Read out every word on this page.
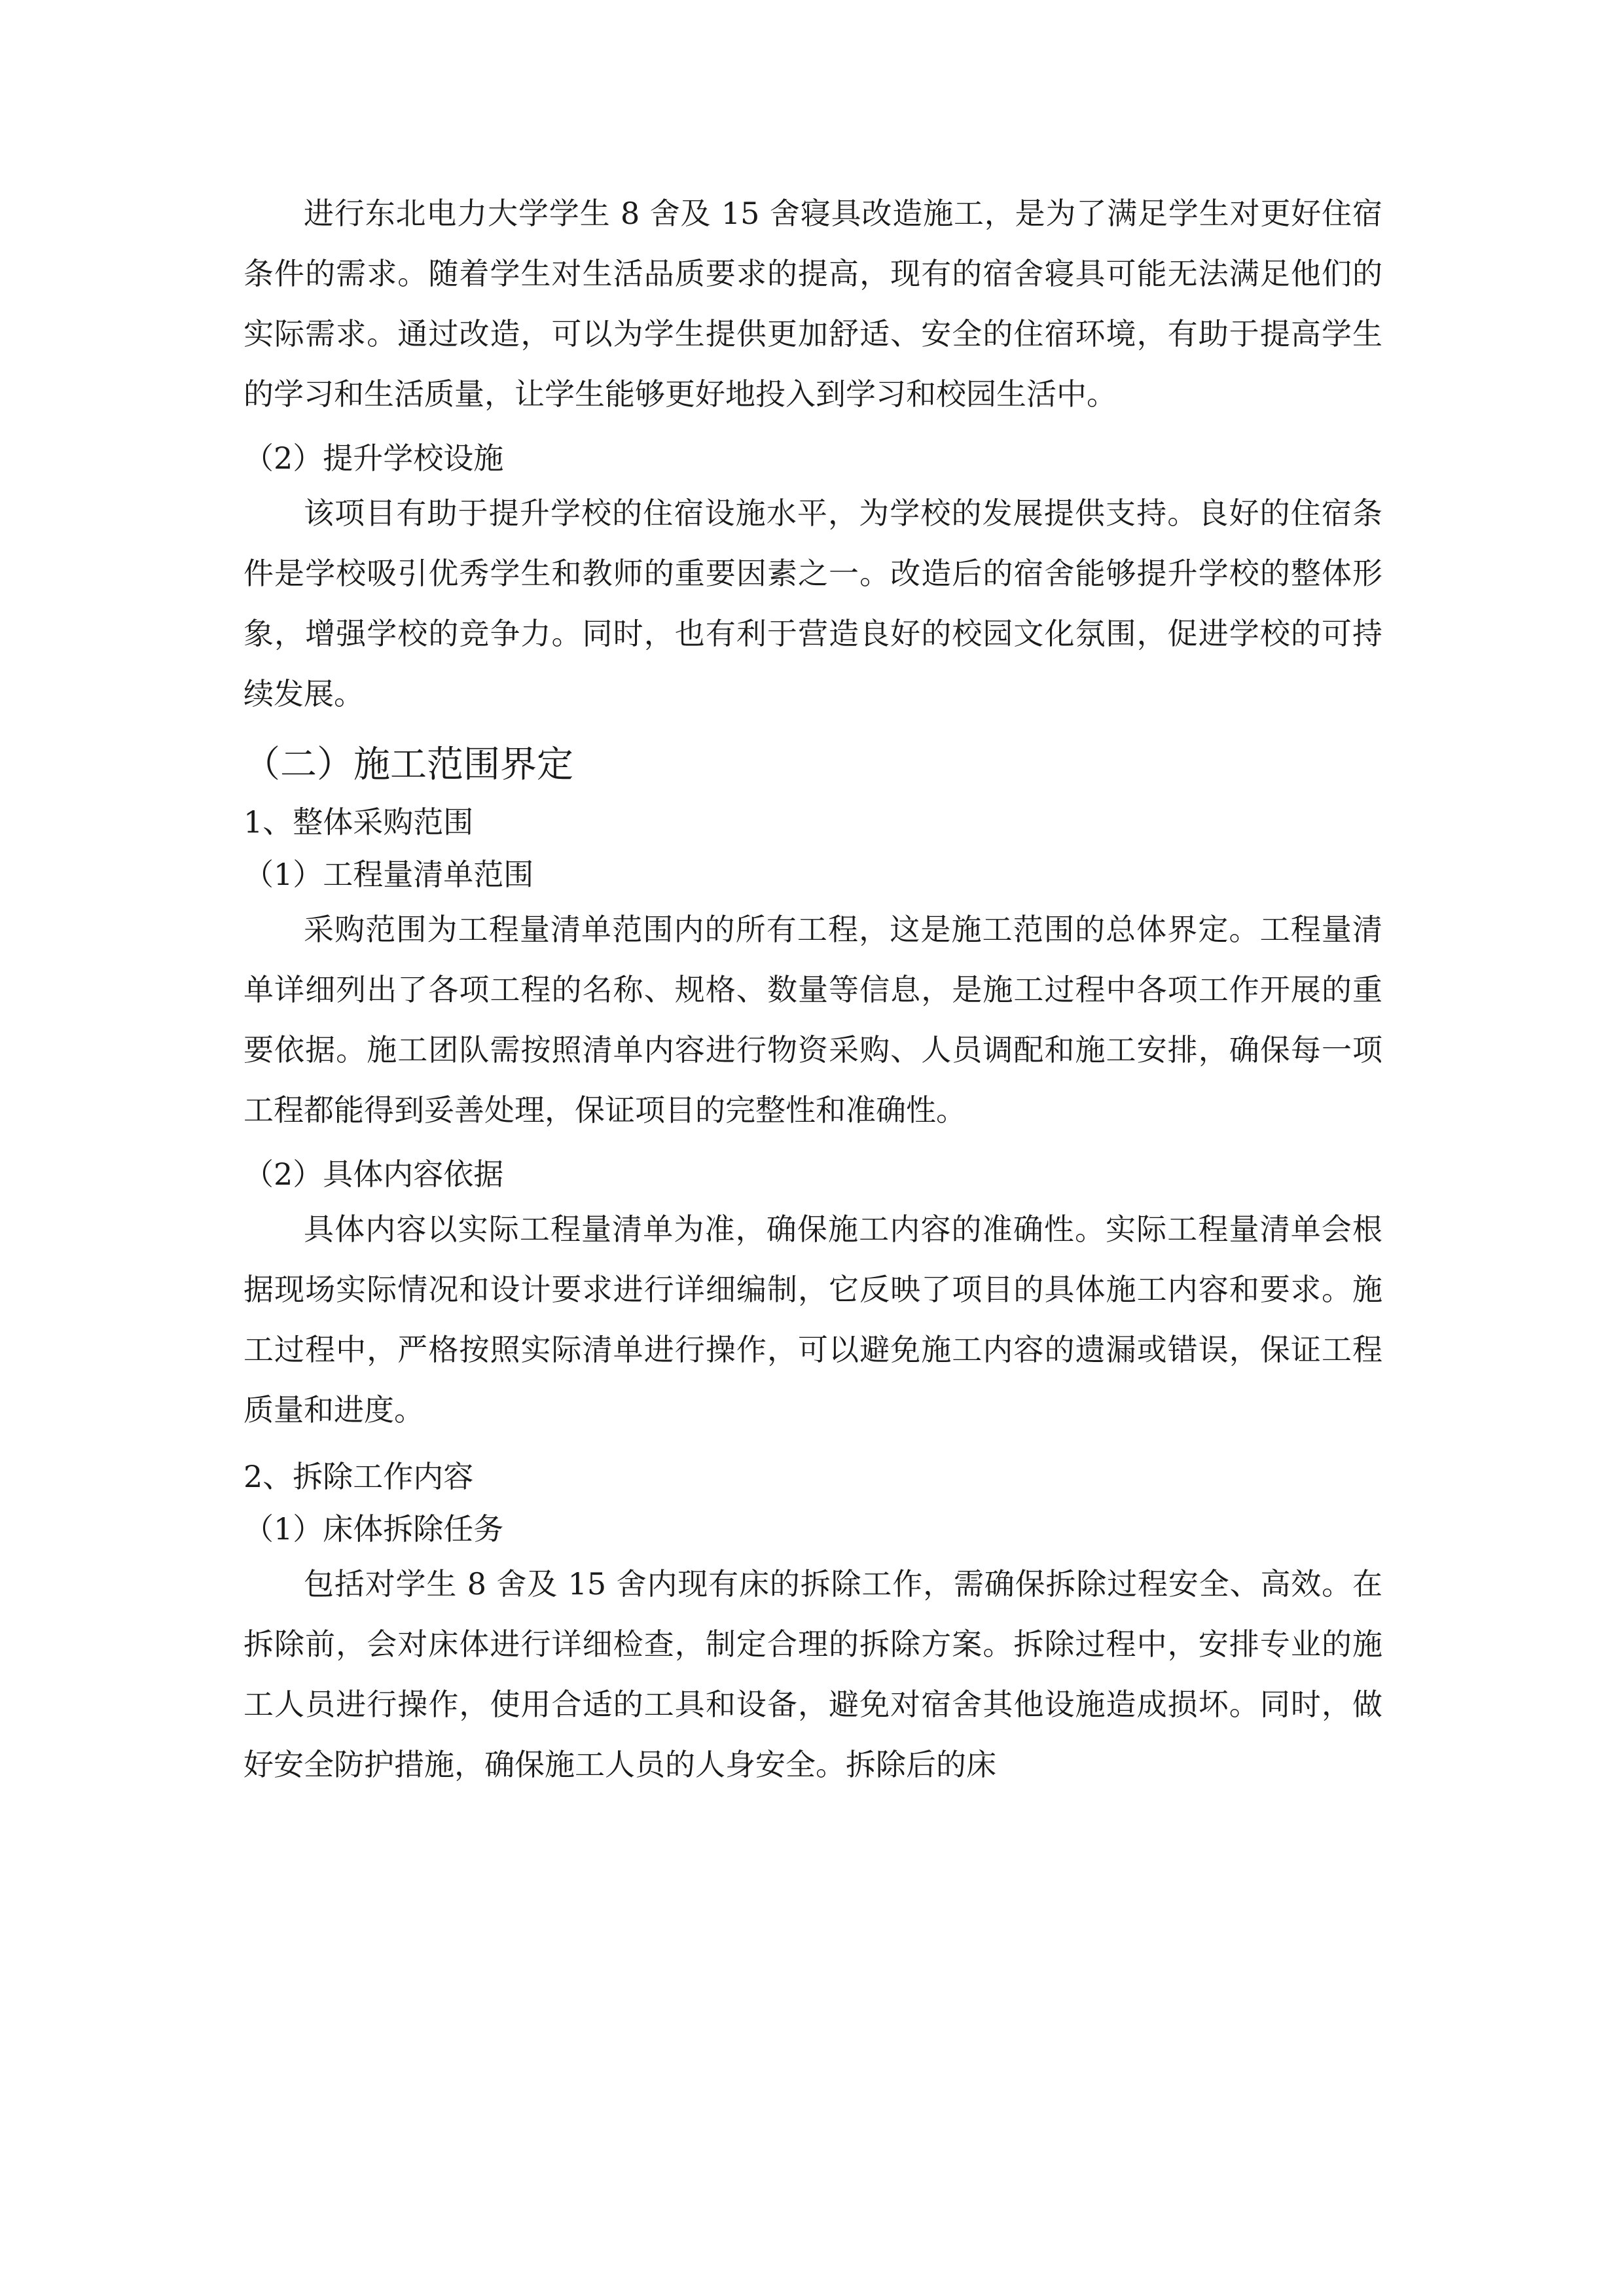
进行东北电力大学学生 8 舍及 15 舍寝具改造施工，是为了满足学生对更好住宿条件的需求。随着学生对生活品质要求的提高，现有的宿舍寝具可能无法满足他们的实际需求。通过改造，可以为学生提供更加舒适、安全的住宿环境，有助于提高学生的学习和生活质量，让学生能够更好地投入到学习和校园生活中。

（2）提升学校设施

该项目有助于提升学校的住宿设施水平，为学校的发展提供支持。良好的住宿条件是学校吸引优秀学生和教师的重要因素之一。改造后的宿舍能够提升学校的整体形象，增强学校的竞争力。同时，也有利于营造良好的校园文化氛围，促进学校的可持续发展。

（二）施工范围界定

1、整体采购范围

（1）工程量清单范围

采购范围为工程量清单范围内的所有工程，这是施工范围的总体界定。工程量清单详细列出了各项工程的名称、规格、数量等信息，是施工过程中各项工作开展的重要依据。施工团队需按照清单内容进行物资采购、人员调配和施工安排，确保每一项工程都能得到妥善处理，保证项目的完整性和准确性。

（2）具体内容依据

具体内容以实际工程量清单为准，确保施工内容的准确性。实际工程量清单会根据现场实际情况和设计要求进行详细编制，它反映了项目的具体施工内容和要求。施工过程中，严格按照实际清单进行操作，可以避免施工内容的遗漏或错误，保证工程质量和进度。

2、拆除工作内容

（1）床体拆除任务

包括对学生 8 舍及 15 舍内现有床的拆除工作，需确保拆除过程安全、高效。在拆除前，会对床体进行详细检查，制定合理的拆除方案。拆除过程中，安排专业的施工人员进行操作，使用合适的工具和设备，避免对宿舍其他设施造成损坏。同时，做好安全防护措施，确保施工人员的人身安全。拆除后的床
